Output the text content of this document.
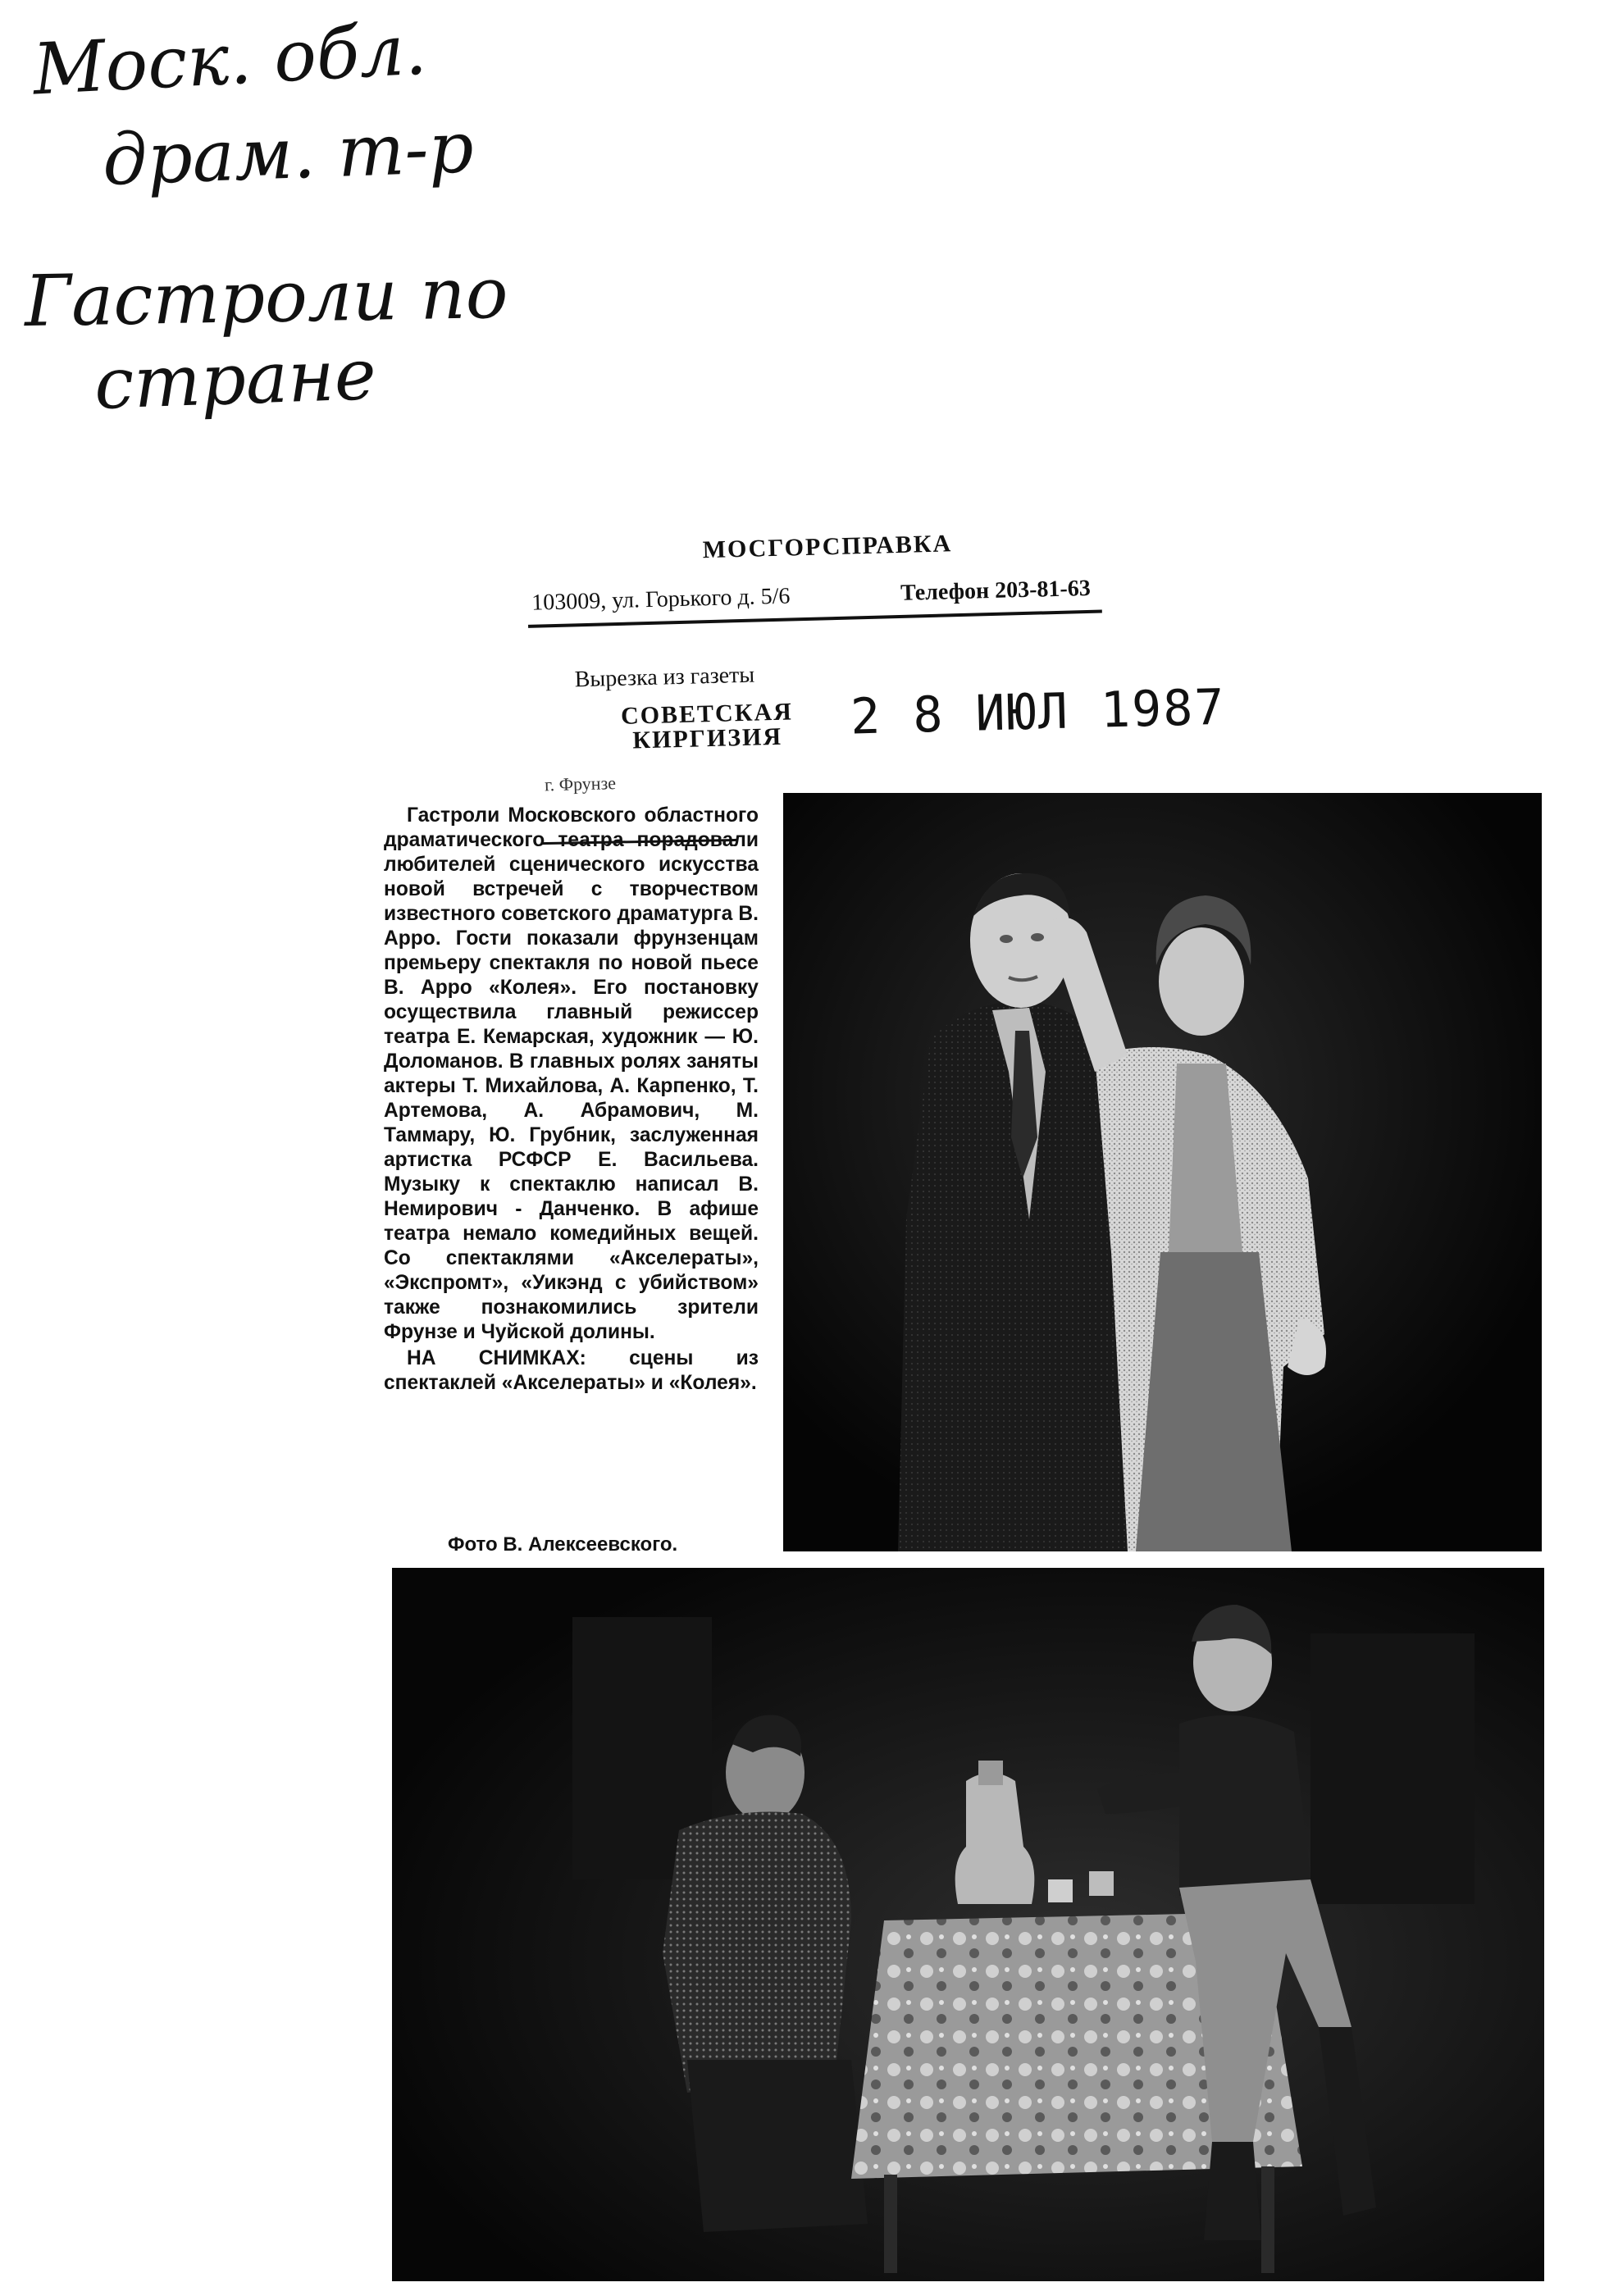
Моск. обл.
драм. т-р
Гастроли по
стране
МОСГОРСПРАВКА
103009, ул. Горького д. 5/6	Телефон 203-81-63
Вырезка из газеты
СОВЕТСКАЯ КИРГИЗИЯ
г. Фрунзе
2 8 ИЮЛ 1987

Гастроли Московского областного драматического театра порадовали любителей сценического искусства новой встречей с творчеством известного советского драматурга В. Арро. Гости показали фрунзенцам премьеру спектакля по новой пьесе В. Арро «Колея». Его постановку осуществила главный режиссер театра Е. Кемарская, художник — Ю. Доломанов. В главных ролях заняты актеры Т. Михайлова, А. Карпенко, Т. Артемова, А. Абрамович, М. Таммару, Ю. Грубник, заслуженная артистка РСФСР Е. Васильева. Музыку к спектаклю написал В. Немирович - Данченко. В афише театра немало комедийных вещей. Со спектаклями «Акселераты», «Экспромт», «Уикэнд с убийством» также познакомились зрители Фрунзе и Чуйской долины.

НА СНИМКАХ: сцены из спектаклей «Акселераты» и «Колея».

Фото В. Алексеевского.
